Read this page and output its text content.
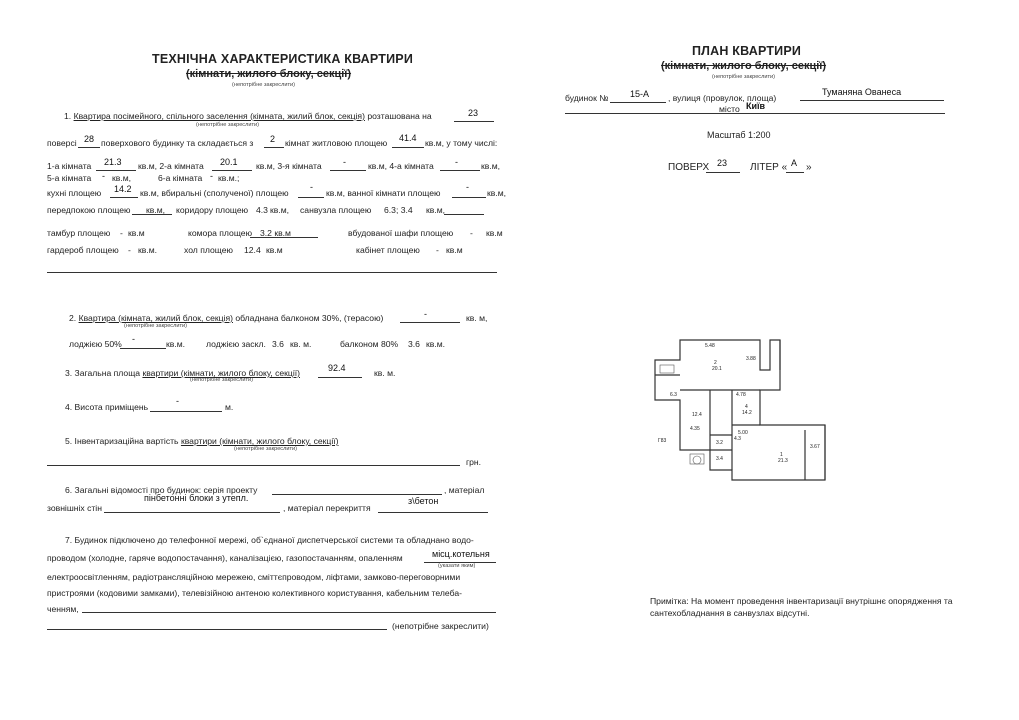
ТЕХНІЧНА ХАРАКТЕРИСТИКА КВАРТИРИ
(кімнати, жилого блоку, секції)
(непотрібне закреслити)
1. Квартира посімейного, спільного заселення (кімната, жилий блок, секція) розташована на	23
(непотрібне закреслити)
поверсі 28 поверхового будинку та складається з 2 кімнат житловою площею 41.4 кв.м, у тому числі:
1-а кімната 21.3 кв.м, 2-а кімната 20.1 кв.м, 3-я кімната -	кв.м, 4-а кімната -	кв.м,
5-а кімната - кв.м,	6-а кімната - кв.м.;
кухні площею 14.2 кв.м, вбиральні (сполученої) площею
-
кв.м, ванної кімнати площею
-
кв.м,
передпокою площею кв.м, коридору площею 4.3 кв.м, санвузла площею 6.3; 3.4 кв.м,
тамбур площею - кв.м	комора площею 3.2 кв.м	вбудованої шафи площею - кв.м
гардероб площею - кв.м.	хол площею 12.4 кв.м	кабінет площею - кв.м
2. Квартира (кімната, жилий блок, секція) обладнана балконом 30%, (терасою)	-	кв. м,
(непотрібне закреслити)
лоджією 50% -	кв.м. лоджією заскл. 3.6 кв. м.	балконом 80% 3.6 кв.м.
3. Загальна площа квартири (кімнати, жилого блоку, секції)	92.4	кв. м.
(непотрібне закреслити)
4. Висота приміщень
-
м.
5. Інвентаризаційна вартість квартири (кімнати, жилого блоку, секції)
(непотрібне закреслити)
грн.
6. Загальні відомості про будинок: серія проекту	, матеріал
зовнішніх стін
пінбетонні блоки з утепл.
, матеріал перекриття
з\бетон
7. Будинок підключено до телефонної мережі, об`єднаної диспетчерської системи та обладнано водо-
проводом (холодне, гаряче водопостачання), каналізацією, газопостачанням, опаленням	місц.котельня
(указати яким)
електроосвітленням, радіотрансляційною мережею, сміттєпроводом, ліфтами, замково-переговорними
пристроями (кодовими замками), телевізійною антеною колективного користування, кабельним телеба-
ченням,
(непотрібне закреслити)
ПЛАН КВАРТИРИ
(кімнати, жилого блоку, секції)
(непотрібне закреслити)
будинок № 15-А , вулиця (провулок, площа)
Туманяна Ованеса
місто Київ
Масштаб 1:200
ПОВЕРХ 23 ЛІТЕР « А »
2
20.1
4
14.2
1
21.3
12.4
6.3
3.4
4.3
3.2
5.48
3.88
4.78
4.35
5.00
3.67
Г83
Примітка: На момент проведення інвентаризації внутрішнє опорядження та
сантехобладнання в санвузлах відсутні.
